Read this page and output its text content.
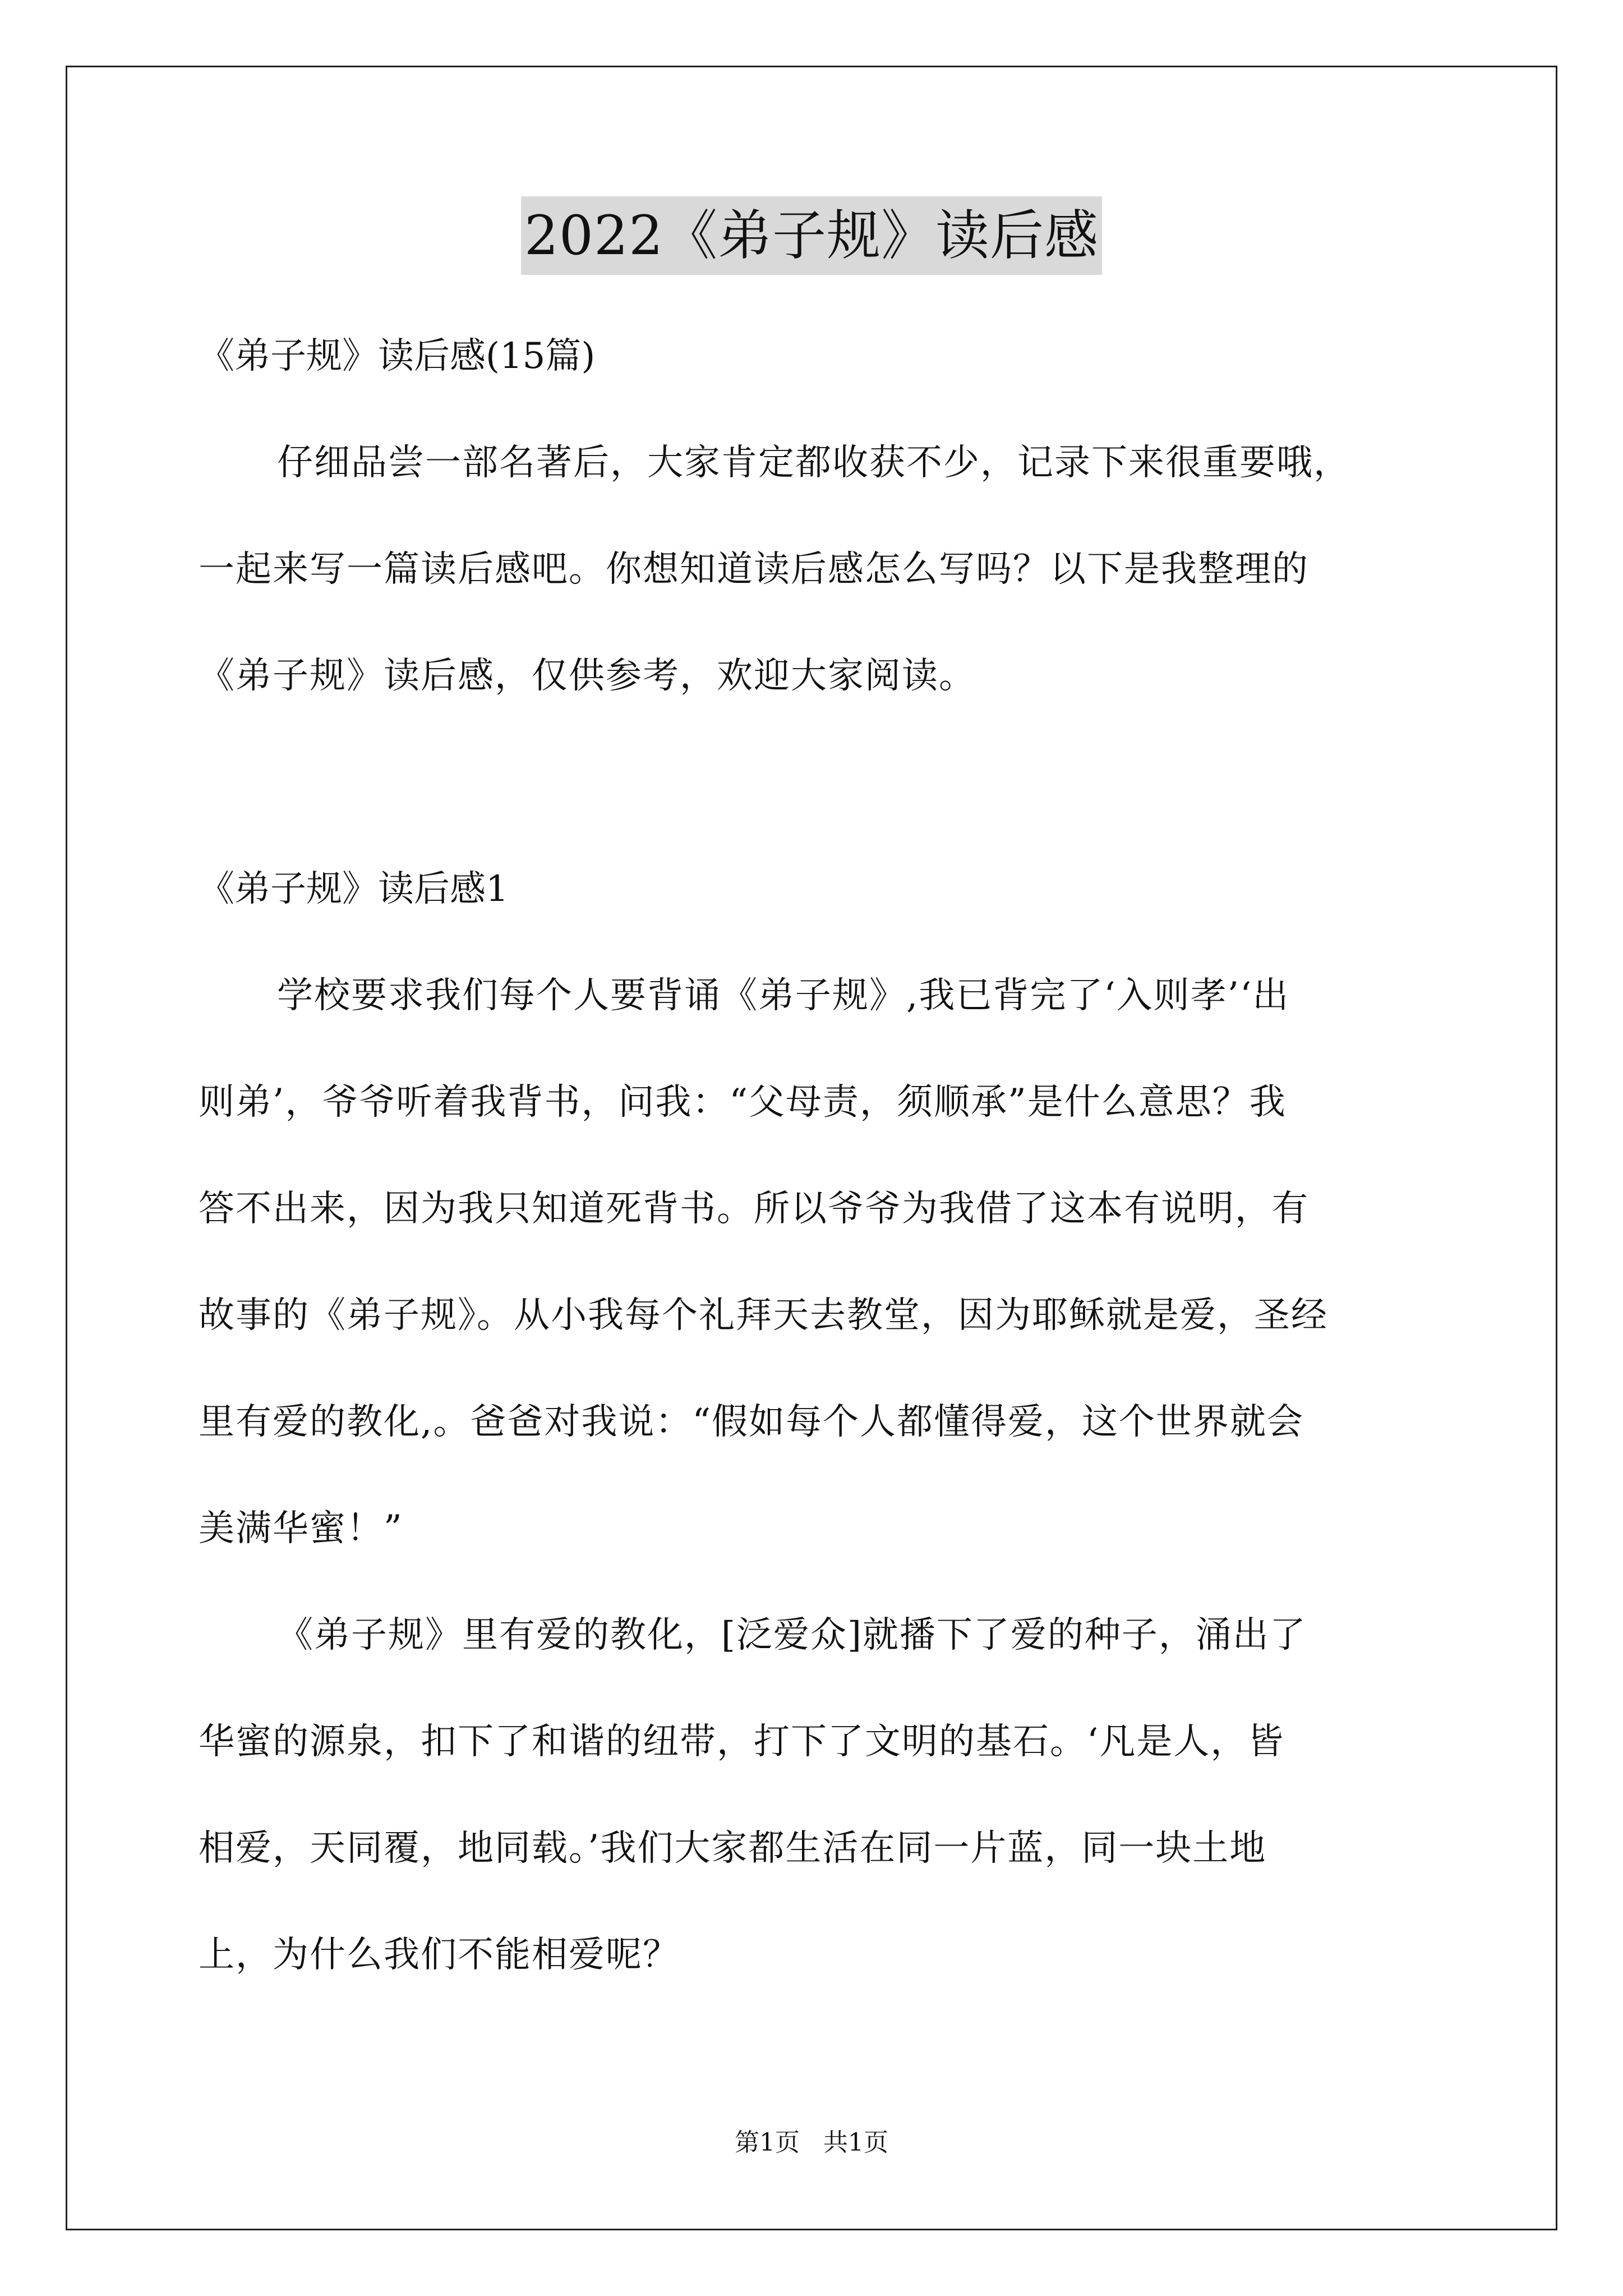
2022《弟子规》读后感
《弟子规》读后感(15篇)
仔细品尝一部名著后，大家肯定都收获不少，记录下来很重要哦，
一起来写一篇读后感吧。你想知道读后感怎么写吗？以下是我整理的
《弟子规》读后感，仅供参考，欢迎大家阅读。
《弟子规》读后感1
学校要求我们每个人要背诵《弟子规》,我已背完了‘入则孝’‘出
则弟’，爷爷听着我背书，问我：“父母责，须顺承”是什么意思？我
答不出来，因为我只知道死背书。所以爷爷为我借了这本有说明，有
故事的《弟子规》。从小我每个礼拜天去教堂，因为耶稣就是爱，圣经
里有爱的教化,。爸爸对我说：“假如每个人都懂得爱，这个世界就会
美满华蜜！”
《弟子规》里有爱的教化，[泛爱众]就播下了爱的种子，涌出了
华蜜的源泉，扣下了和谐的纽带，打下了文明的基石。‘凡是人，皆
相爱，天同覆，地同载。’我们大家都生活在同一片蓝，同一块土地
上，为什么我们不能相爱呢？
第1页 共1页
